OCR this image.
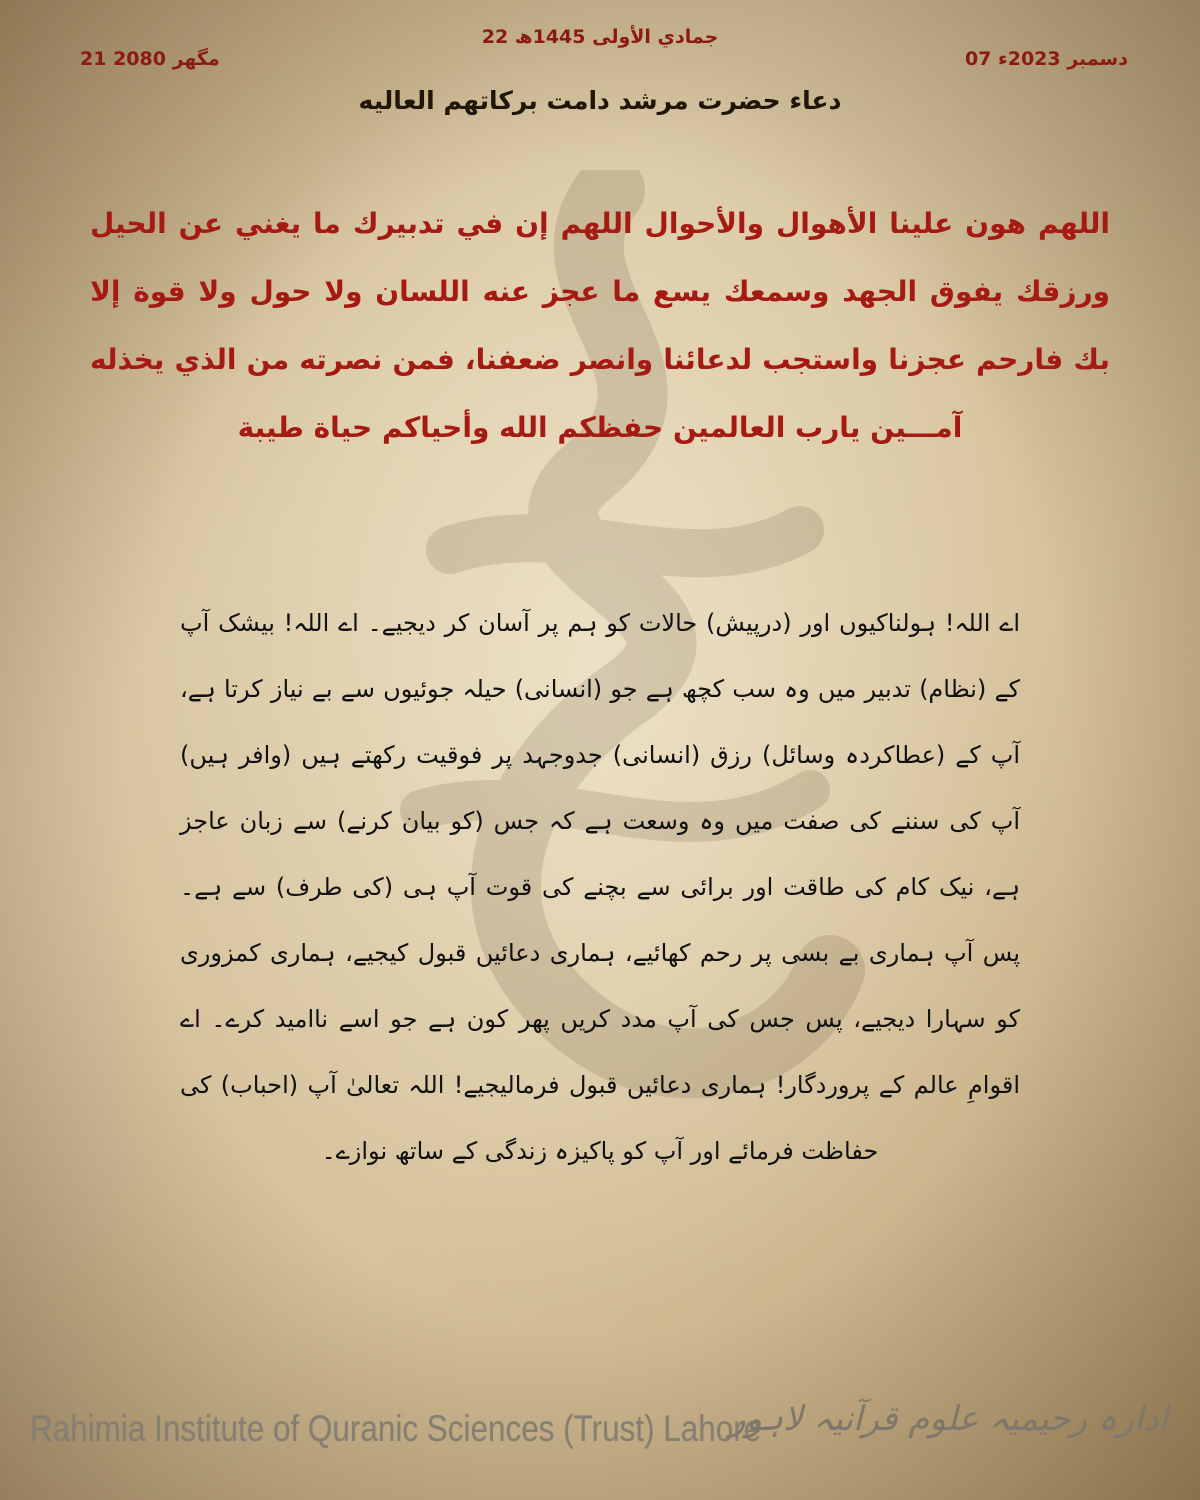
22 جمادي الأولى 1445ھ
07 دسمبر 2023ء
21 مگھر 2080
دعاء حضرت مرشد دامت برکاتهم العالیه
اللهم هون علينا الأهوال والأحوال اللهم إن في تدبيرك ما يغني عن الحيل ورزقك يفوق الجهد وسمعك يسع ما عجز عنه اللسان ولا حول ولا قوة إلا بك فارحم عجزنا واستجب لدعائنا وانصر ضعفنا، فمن نصرته من الذي يخذله آمـــين يارب العالمين حفظكم الله وأحياكم حياة طيبة
اے اللہ! ہولناکیوں اور (درپیش) حالات کو ہم پر آسان کر دیجیے۔ اے اللہ! بیشک آپ کے (نظام) تدبیر میں وہ سب کچھ ہے جو (انسانی) حیلہ جوئیوں سے بے نیاز کرتا ہے، آپ کے (عطاکردہ وسائل) رزق (انسانی) جدوجہد پر فوقیت رکھتے ہیں (وافر ہیں) آپ کی سننے کی صفت میں وہ وسعت ہے کہ جس (کو بیان کرنے) سے زبان عاجز ہے، نیک کام کی طاقت اور برائی سے بچنے کی قوت آپ ہی (کی طرف) سے ہے۔ پس آپ ہماری بے بسی پر رحم کھائیے، ہماری دعائیں قبول کیجیے، ہماری کمزوری کو سہارا دیجیے، پس جس کی آپ مدد کریں پھر کون ہے جو اسے ناامید کرے۔ اے اقوامِ عالم کے پروردگار! ہماری دعائیں قبول فرمالیجیے! اللہ تعالیٰ آپ (احباب) کی حفاظت فرمائے اور آپ کو پاکیزہ زندگی کے ساتھ نوازے۔
Rahimia Institute of Quranic Sciences (Trust) Lahore
ادارہ رحیمیہ علوم قرآنیہ لاہور
